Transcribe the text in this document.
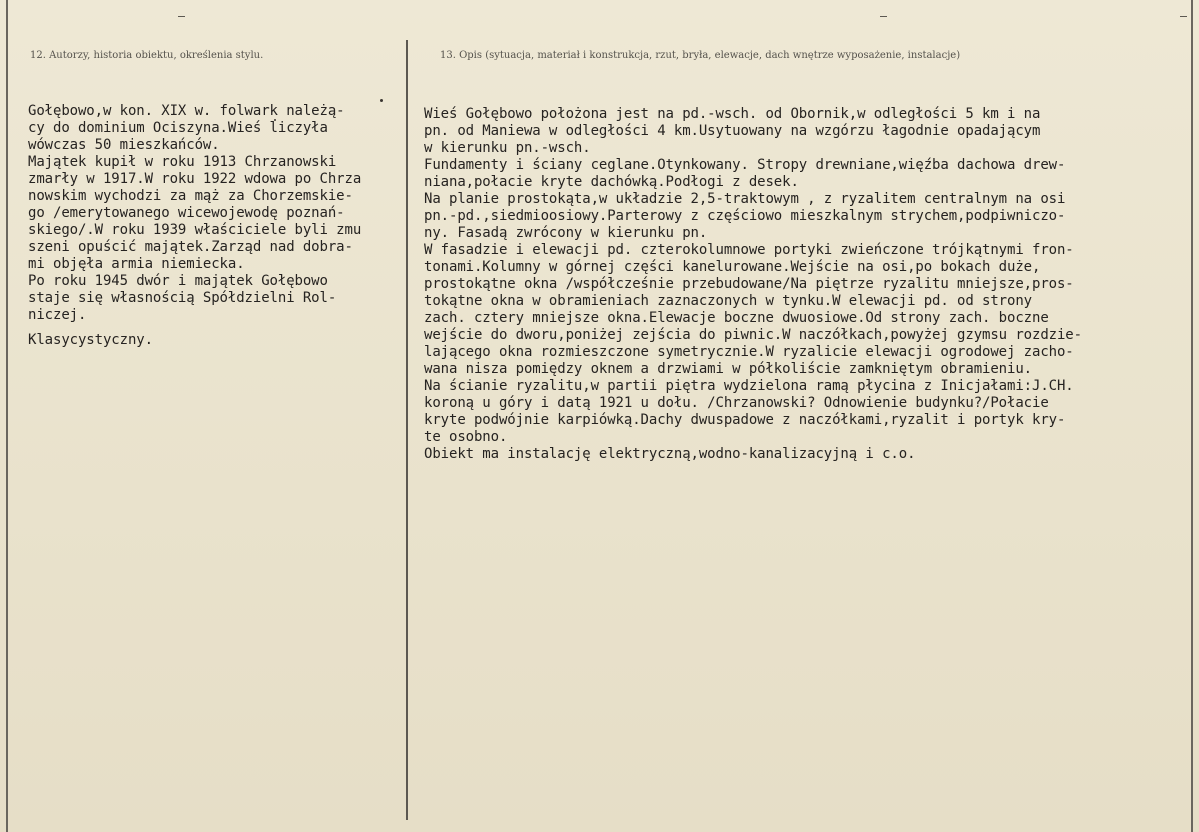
12. Autorzy, historia obiektu, określenia stylu.	13. Opis (sytuacja, materiał i konstrukcja, rzut, bryła, elewacje, dach wnętrze wyposażenie, instalacje)
Gołębowo,w kon. XIX w. folwark należą-
cy do dominium Ociszyna.Wieś liczyła
wówczas 50 mieszkańców.
Majątek kupił w roku 1913 Chrzanowski
zmarły w 1917.W roku 1922 wdowa po Chrza
nowskim wychodzi za mąż za Chorzemskie-
go /emerytowanego wicewojewodę poznań-
skiego/.W roku 1939 właściciele byli zmu
szeni opuścić majątek.Zarząd nad dobra-
mi objęła armia niemiecka.
Po roku 1945 dwór i majątek Gołębowo
staje się własnością Spółdzielni Rol-
niczej.
Klasycystyczny.
Wieś Gołębowo położona jest na pd.-wsch. od Obornik,w odległości 5 km i na
pn. od Maniewa w odległości 4 km.Usytuowany na wzgórzu łagodnie opadającym
w kierunku pn.-wsch.
Fundamenty i ściany ceglane.Otynkowany. Stropy drewniane,więźba dachowa drew-
niana,połacie kryte dachówką.Podłogi z desek.
Na planie prostokąta,w układzie 2,5-traktowym , z ryzalitem centralnym na osi
pn.-pd.,siedmioosiowy.Parterowy z częściowo mieszkalnym strychem,podpiwniczo-
ny. Fasadą zwrócony w kierunku pn.
W fasadzie i elewacji pd. czterokolumnowe portyki zwieńczone trójkątnymi fron-
tonami.Kolumny w górnej części kanelurowane.Wejście na osi,po bokach duże,
prostokątne okna /współcześnie przebudowane/Na piętrze ryzalitu mniejsze,pros-
tokątne okna w obramieniach zaznaczonych w tynku.W elewacji pd. od strony
zach. cztery mniejsze okna.Elewacje boczne dwuosiowe.Od strony zach. boczne
wejście do dworu,poniżej zejścia do piwnic.W naczółkach,powyżej gzymsu rozdzie-
lającego okna rozmieszczone symetrycznie.W ryzalicie elewacji ogrodowej zacho-
wana nisza pomiędzy oknem a drzwiami w półkoliście zamkniętym obramieniu.
Na ścianie ryzalitu,w partii piętra wydzielona ramą płycina z Inicjałami:J.CH.
koroną u góry i datą 1921 u dołu. /Chrzanowski? Odnowienie budynku?/Połacie
kryte podwójnie karpiówką.Dachy dwuspadowe z naczółkami,ryzalit i portyk kry-
te osobno.
Obiekt ma instalację elektryczną,wodno-kanalizacyjną i c.o.
